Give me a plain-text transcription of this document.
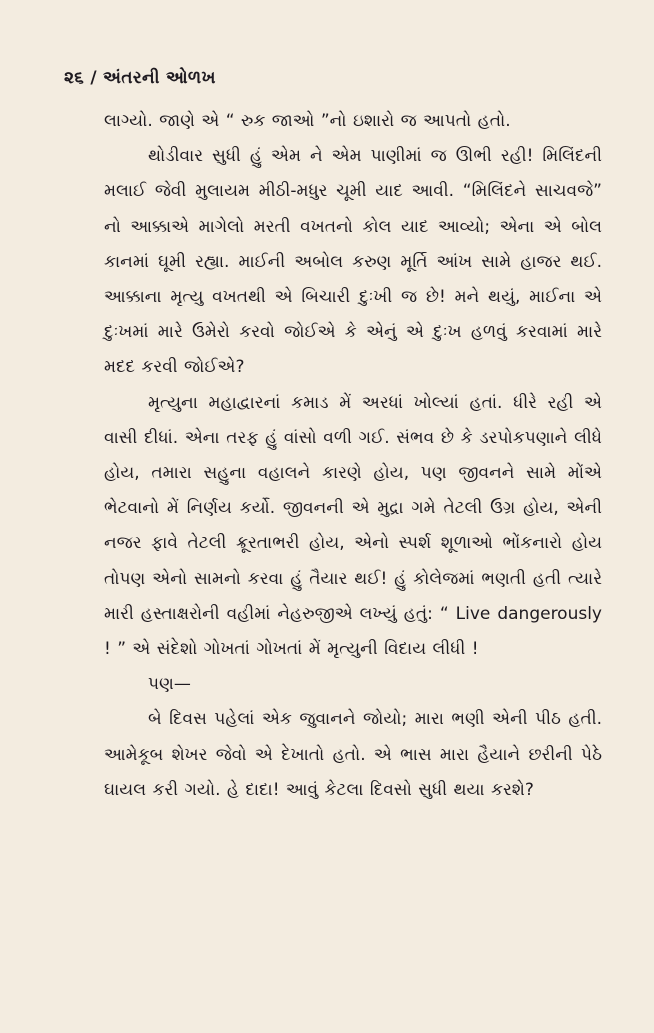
૨૬ / અંતરની ઓળખ

લાગ્યો. જાણે એ “ રુક જાઓ ”નો ઇશારો જ આપતો હતો.

થોડીવાર સુધી હું એમ ને એમ પાણીમાં જ ઊભી રહી! મિલિંદની મલાઈ જેવી મુલાયમ મીઠી-મધુર ચૂમી યાદ આવી. “મિલિંદને સાચવજે” નો આક્કાએ માગેલો મરતી વખતનો કોલ યાદ આવ્યો; એના એ બોલ કાનમાં ઘૂમી રહ્યા. માઈની અબોલ કરુણ મૂર્તિ આંખ સામે હાજર થઈ. આક્કાના મૃત્યુ વખતથી એ બિચારી દુઃખી જ છે! મને થયું, માઈના એ દુઃખમાં મારે ઉમેરો કરવો જોઈએ કે એનું એ દુઃખ હળવું કરવામાં મારે મદદ કરવી જોઈએ?

મૃત્યુના મહાદ્વારનાં કમાડ મેં અરધાં ખોલ્યાં હતાં. ધીરે રહી એ વાસી દીધાં. એના તરફ હું વાંસો વળી ગઈ. સંભવ છે કે ડરપોકપણાને લીધે હોય, તમારા સહુના વહાલને કારણે હોય, પણ જીવનને સામે મોંએ ભેટવાનો મેં નિર્ણય કર્યો. જીવનની એ મુદ્રા ગમે તેટલી ઉગ્ર હોય, એની નજર ફાવે તેટલી ક્રૂરતાભરી હોય, એનો સ્પર્શ શૂળાઓ ભોંકનારો હોય તોપણ એનો સામનો કરવા હું તૈયાર થઈ! હું કોલેજમાં ભણતી હતી ત્યારે મારી હસ્તાક્ષરોની વહીમાં નેહરુજીએ લખ્યું હતું: “ Live dangerously ! ” એ સંદેશો ગોખતાં ગોખતાં મેં મૃત્યુની વિદાય લીધી !

પણ—

બે દિવસ પહેલાં એક જુવાનને જોયો; મારા ભણી એની પીઠ હતી. આમેકૂબ શેખર જેવો એ દેખાતો હતો. એ ભાસ મારા હૈયાને છરીની પેઠે ઘાયલ કરી ગયો. હે દાદા! આવું કેટલા દિવસો સુધી થયા કરશે?
